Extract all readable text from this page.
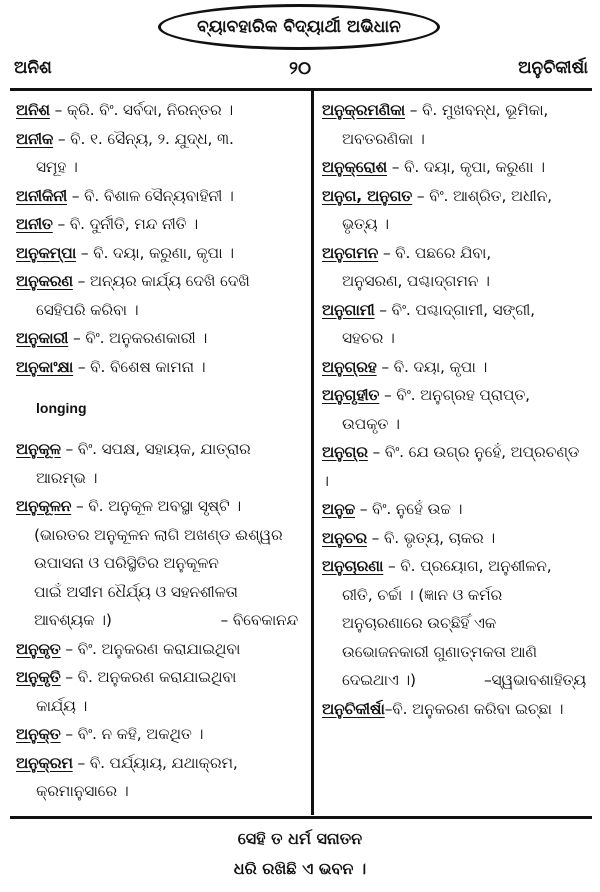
ଅନିଶ
ବ୍ୟାବହାରିକ ବିଦ୍ୟାର୍ଥୀ ଅଭିଧାନ
୨୦	ଅନୁଚିକୀର୍ଷା

ଅନିଶ – କ୍ରି. ବିଂ. ସର୍ବଦା, ନିରନ୍ତର ।

ଅନୀକ – ବି. ୧. ସୈନ୍ୟ, ୨. ଯୁଦ୍ଧ, ୩.

ସମୂହ ।

ଅନୀକିନୀ – ବି. ବିଶାଳ ସୈନ୍ୟବାହିନୀ ।

ଅନୀତ – ବି. ଦୁର୍ନୀତି, ମନ୍ଦ ନୀତି ।

ଅନୁକମ୍ପା – ବି. ଦୟା, କରୁଣା, କୃପା ।

ଅନୁକରଣ – ଅନ୍ୟର କାର୍ଯ୍ୟ ଦେଖି ଦେଖି

ସେହିପରି କରିବା ।

ଅନୁକାରୀ – ବିଂ. ଅନୁକରଣକାରୀ ।

ଅନୁକାଂକ୍ଷା – ବି. ବିଶେଷ କାମନା ।

longing

ଅନୁକୂଳ – ବିଂ. ସପକ୍ଷ, ସହାୟକ, ଯାତ୍ରାର

ଆରମ୍ଭ ।

ଅନୁକୂଳନ – ବି. ଅନୁକୂଳ ଅବସ୍ଥା ସୃଷ୍ଟି ।

(ଭାରତର ଅନୁକୂଳନ ଲାଗି ଅଖଣ୍ଡ ଈଶ୍ୱର

ଉପାସନା ଓ ପରିସ୍ଥିତିର ଅନୁକୂଳନ

ପାଇଁ ଅସୀମ ଧୈର୍ଯ୍ୟ ଓ ସହନଶୀଳତା

ଆବଶ୍ୟକ ।)	– ବିବେକାନନ୍ଦ

ଅନୁକୃତ – ବିଂ. ଅନୁକରଣ କରାଯାଇଥିବା

ଅନୁକୃତି – ବି. ଅନୁକରଣ କରାଯାଇଥିବା

କାର୍ଯ୍ୟ ।

ଅନୁକ୍ତ – ବିଂ. ନ କହି, ଅକଥିତ ।

ଅନୁକ୍ରମ – ବି. ପର୍ଯ୍ୟାୟ, ଯଥାକ୍ରମ,

କ୍ରମାନୁସାରେ ।

ଅନୁକ୍ରମଣିକା – ବି. ମୁଖବନ୍ଧ, ଭୂମିକା,

ଅବତରଣିକା ।

ଅନୁକ୍ରୋଶ – ବି. ଦୟା, କୃପା, କରୁଣା ।

ଅନୁଗ, ଅନୁଗତ – ବିଂ. ଆଶ୍ରିତ, ଅଧୀନ,

ଭୃତ୍ୟ ।

ଅନୁଗମନ – ବି. ପଛରେ ଯିବା,

ଅନୁସରଣ, ପଶ୍ଚାଦ୍‌ଗମନ ।

ଅନୁଗାମୀ – ବିଂ. ପଶ୍ଚାଦ୍‌ଗାମୀ, ସଙ୍ଗୀ,

ସହଚର ।

ଅନୁଗ୍ରହ – ବି. ଦୟା, କୃପା ।

ଅନୁଗୃହୀତ – ବିଂ. ଅନୁଗ୍ରହ ପ୍ରାପ୍ତ,

ଉପକୃତ ।

ଅନୁଗ୍ର – ବିଂ. ଯେ ଉଗ୍ର ନୁହେଁ, ଅପ୍ରଚଣ୍ଡ ।

ଅନୁଚ୍ଚ – ବିଂ. ନୁହେଁ ଉଚ୍ଚ ।

ଅନୁଚର – ବି. ଭୃତ୍ୟ, ଚାକର ।

ଅନୁଚାରଣା – ବି. ପ୍ରୟୋଗ, ଅନୁଶୀଳନ,

ରୀତି, ଚର୍ଚ୍ଚା । (ଜ୍ଞାନ ଓ କର୍ମର

ଅନୁଚାରଣାରେ ଉଚ୍ଛିହିଁ ଏକ

ଉଭୋଜନକାରୀ ଗୁଣାତ୍ମକତା ଆଣି

ଦେଇଥାଏ ।)	–ସ୍ୱଭାବଶାହିତ୍ୟ

ଅନୁଚିକୀର୍ଷା–ବି. ଅନୁକରଣ କରିବା ଇଚ୍ଛା ।

ସେହି ତ ଧର୍ମ ସନାତନ
ଧରି ରଖିଛି ଏ ଭବନ ।
